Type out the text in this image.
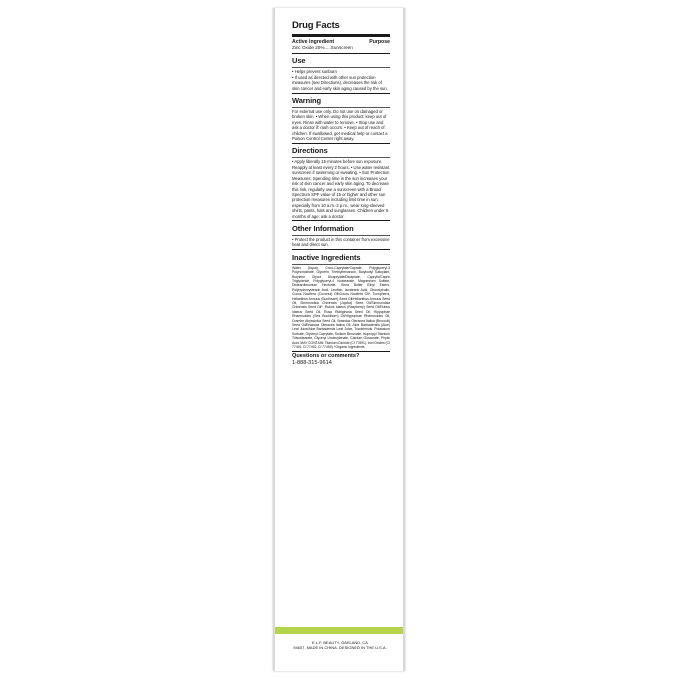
Drug Facts
Active ingredient	Purpose
Zinc Oxide 20%.....Sunscreen
Use

• Helps prevent sunburn

• If used as directed with other sun protection measures (see Directions), decreases the risk of skin cancer and early skin aging caused by the sun.

Warning
For external use only. Do not use on damaged or broken skin. • When using this product: keep out of eyes. Rinse with water to remove. • Stop use and ask a doctor if: rash occurs. • Keep out of reach of children. If swallowed, get medical help or contact a Poison Control Center right away.
Directions
• Apply liberally 15 minutes before sun exposure. Reapply at least every 2 hours. • Use water resistant sunscreen if swimming or sweating. • Sun Protection Measures: Spending time in the sun increases your risk of skin cancer and early skin aging. To decrease this risk, regularly use a sunscreen with a Broad Spectrum SPF value of 15 or higher and other sun protection measures including limit time in sun, especially from 10 a.m.-2 p.m., wear long-sleeved shirts, pants, hats and sunglasses. Children under 6 months of age: ask a doctor.
Other Information
• Protect the product in this container from excessive heat and direct sun.
Inactive Ingredients
Water (Aqua), Coco-Caprylate/Caprate, Polyglyceryl-3 Polyricinoleate, Glycerin, Triethylhexanoin, Butyloctyl Salicylate, Butylene Glycol Dicaprylate/Dicaprate, Caprylic/Capric Triglyceride, Polyglyceryl-4 Isostearate, Magnesium Sulfate, Disteardimonium Hectorite, Shea Butter Ethyl Esters, Polyhydroxystearic Acid, Lecithin, Isostearic Acid, Glucosylrutin, Cocos Nucifera (Coconut) Oil/Cocos Nucifera Oil*, Tocopherol, Helianthus Annuus (Sunflower) Seed Oil/Helianthus Annuus Seed Oil, Simmondsia Chinensis (Jojoba) Seed Oil/Simmondsia Chinensis Seed Oil*, Rubus Idaeus (Raspberry) Seed Oil/Rubus Idaeus Seed Oil, Rosa Rubiginosa Seed Oil, Hippophae Rhamnoides (Sea Buckthorn) Oil/Hippophae Rhamnoides Oil, Crambe Abyssinica Seed Oil, Brassica Oleracea Italica (Broccoli) Seed Oil/Brassica Oleracea Italica Oil, Aloe Barbadensis (Aloe) Leaf Juice/Aloe Barbadensis Leaf Juice, Tocotrienols, Potassium Sorbate, Glyceryl Caprylate, Sodium Benzoate, Isopropyl Titanium Triisostearate, Glyceryl Undecylenate, Calcium Gluconate, Phytic Acid. MAY CONTAIN: Titanium Dioxide (CI 77891), Iron Oxides (CI 77491, CI 77492, CI 77499). *Organic Ingredients
Questions or comments?
1-888-315-9614
E.L.F. BEAUTY, OAKLAND, CA
94607. MADE IN CHINA. DESIGNED IN THE U.S.A.
